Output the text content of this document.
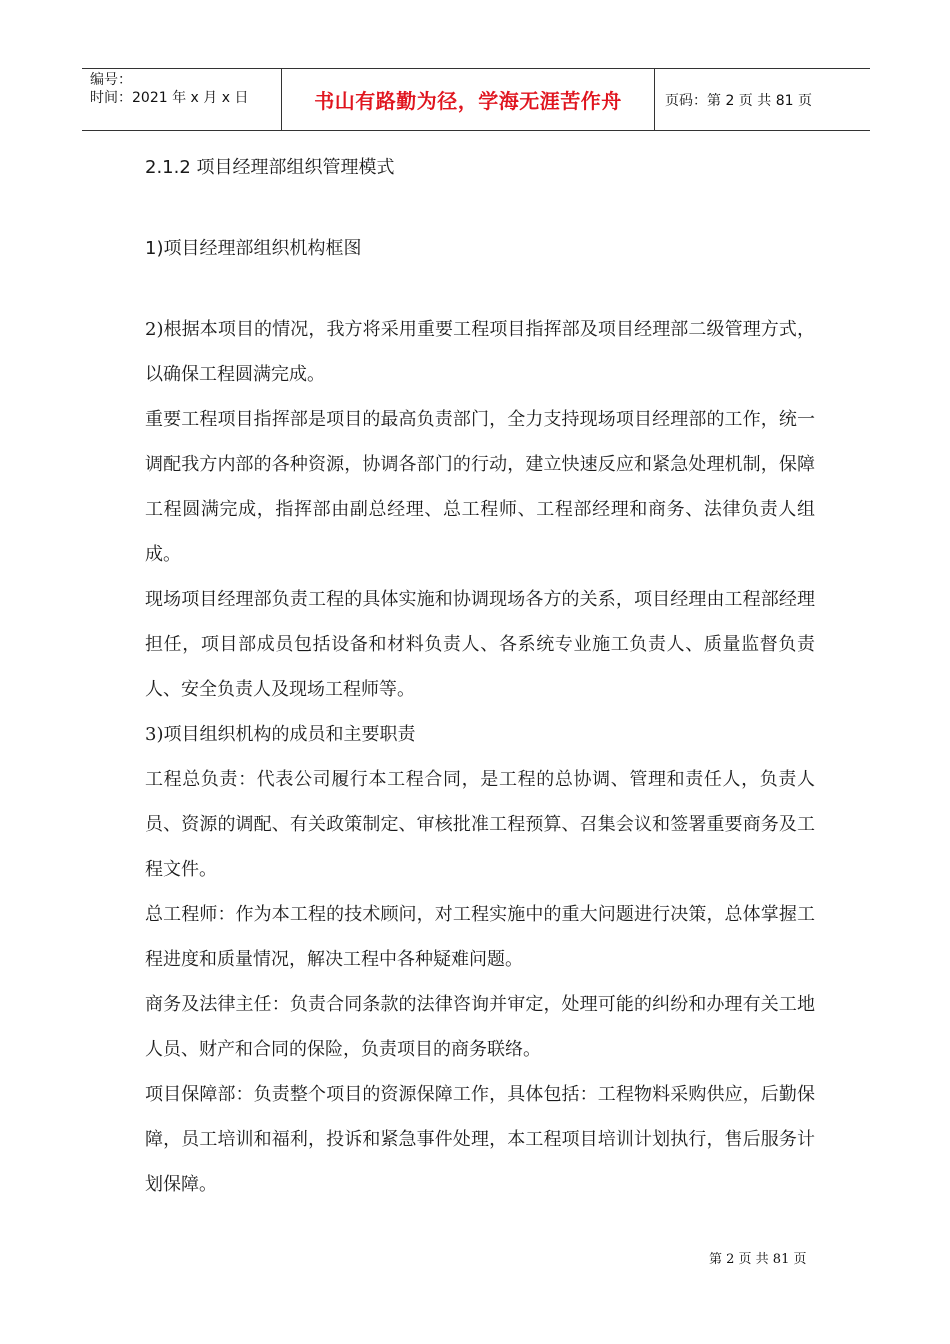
编号：
时间：2021 年 x 月 x 日	书山有路勤为径，学海无涯苦作舟	页码：第 2 页 共 81 页

2.1.2 项目经理部组织管理模式

1)项目经理部组织机构框图

2)根据本项目的情况，我方将采用重要工程项目指挥部及项目经理部二级管理方式，以确保工程圆满完成。

重要工程项目指挥部是项目的最高负责部门，全力支持现场项目经理部的工作，统一调配我方内部的各种资源，协调各部门的行动，建立快速反应和紧急处理机制，保障工程圆满完成，指挥部由副总经理、总工程师、工程部经理和商务、法律负责人组成。

现场项目经理部负责工程的具体实施和协调现场各方的关系，项目经理由工程部经理担任，项目部成员包括设备和材料负责人、各系统专业施工负责人、质量监督负责人、安全负责人及现场工程师等。

3)项目组织机构的成员和主要职责

工程总负责：代表公司履行本工程合同，是工程的总协调、管理和责任人，负责人员、资源的调配、有关政策制定、审核批准工程预算、召集会议和签署重要商务及工程文件。

总工程师：作为本工程的技术顾问，对工程实施中的重大问题进行决策，总体掌握工程进度和质量情况，解决工程中各种疑难问题。

商务及法律主任：负责合同条款的法律咨询并审定，处理可能的纠纷和办理有关工地人员、财产和合同的保险，负责项目的商务联络。

项目保障部：负责整个项目的资源保障工作，具体包括：工程物料采购供应，后勤保障，员工培训和福利，投诉和紧急事件处理，本工程项目培训计划执行，售后服务计划保障。

第 2 页 共 81 页
